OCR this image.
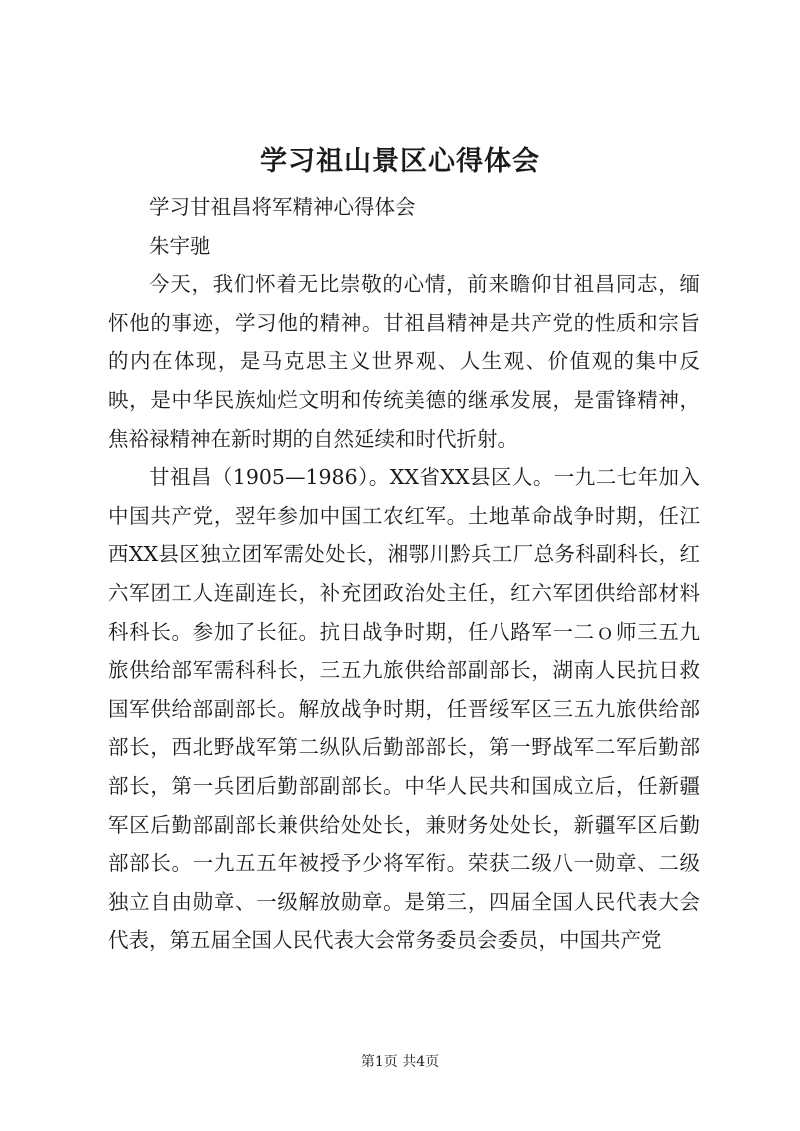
学习祖山景区心得体会

学习甘祖昌将军精神心得体会

朱宇驰

今天，我们怀着无比崇敬的心情，前来瞻仰甘祖昌同志，缅怀他的事迹，学习他的精神。甘祖昌精神是共产党的性质和宗旨的内在体现，是马克思主义世界观、人生观、价值观的集中反映，是中华民族灿烂文明和传统美德的继承发展，是雷锋精神，焦裕禄精神在新时期的自然延续和时代折射。

甘祖昌（1905—1986）。XX省XX县区人。一九二七年加入中国共产党，翌年参加中国工农红军。土地革命战争时期，任江西XX县区独立团军需处处长，湘鄂川黔兵工厂总务科副科长，红六军团工人连副连长，补充团政治处主任，红六军团供给部材料科科长。参加了长征。抗日战争时期，任八路军一二ｏ师三五九旅供给部军需科科长，三五九旅供给部副部长，湖南人民抗日救国军供给部副部长。解放战争时期，任晋绥军区三五九旅供给部部长，西北野战军第二纵队后勤部部长，第一野战军二军后勤部部长，第一兵团后勤部副部长。中华人民共和国成立后，任新疆军区后勤部副部长兼供给处处长，兼财务处处长，新疆军区后勤部部长。一九五五年被授予少将军衔。荣获二级八一勋章、二级独立自由勋章、一级解放勋章。是第三，四届全国人民代表大会代表，第五届全国人民代表大会常务委员会委员，中国共产党

第1页 共4页
